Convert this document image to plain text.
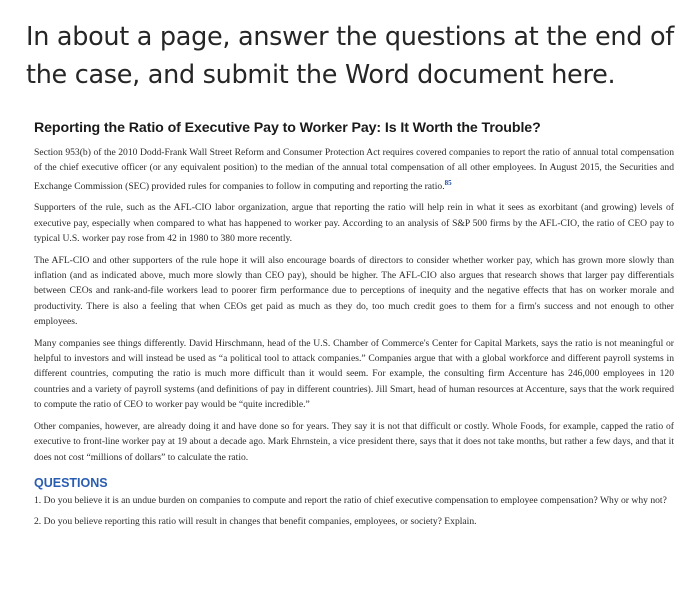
In about a page, answer the questions at the end of the case, and submit the Word document here.
Reporting the Ratio of Executive Pay to Worker Pay: Is It Worth the Trouble?

Section 953(b) of the 2010 Dodd-Frank Wall Street Reform and Consumer Protection Act requires covered companies to report the ratio of annual total compensation of the chief executive officer (or any equivalent position) to the median of the annual total compensation of all other employees. In August 2015, the Securities and Exchange Commission (SEC) provided rules for companies to follow in computing and reporting the ratio.$^{85}$

Supporters of the rule, such as the AFL-CIO labor organization, argue that reporting the ratio will help rein in what it sees as exorbitant (and growing) levels of executive pay, especially when compared to what has happened to worker pay. According to an analysis of S&P 500 firms by the AFL-CIO, the ratio of CEO pay to typical U.S. worker pay rose from 42 in 1980 to 380 more recently.

The AFL-CIO and other supporters of the rule hope it will also encourage boards of directors to consider whether worker pay, which has grown more slowly than inflation (and as indicated above, much more slowly than CEO pay), should be higher. The AFL-CIO also argues that research shows that larger pay differentials between CEOs and rank-and-file workers lead to poorer firm performance due to perceptions of inequity and the negative effects that has on worker morale and productivity. There is also a feeling that when CEOs get paid as much as they do, too much credit goes to them for a firm's success and not enough to other employees.

Many companies see things differently. David Hirschmann, head of the U.S. Chamber of Commerce's Center for Capital Markets, says the ratio is not meaningful or helpful to investors and will instead be used as “a political tool to attack companies.” Companies argue that with a global workforce and different payroll systems in different countries, computing the ratio is much more difficult than it would seem. For example, the consulting firm Accenture has 246,000 employees in 120 countries and a variety of payroll systems (and definitions of pay in different countries). Jill Smart, head of human resources at Accenture, says that the work required to compute the ratio of CEO to worker pay would be “quite incredible.”

Other companies, however, are already doing it and have done so for years. They say it is not that difficult or costly. Whole Foods, for example, capped the ratio of executive to front-line worker pay at 19 about a decade ago. Mark Ehrnstein, a vice president there, says that it does not take months, but rather a few days, and that it does not cost “millions of dollars” to calculate the ratio.

QUESTIONS
1. Do you believe it is an undue burden on companies to compute and report the ratio of chief executive compensation to employee compensation? Why or why not?
2. Do you believe reporting this ratio will result in changes that benefit companies, employees, or society? Explain.
